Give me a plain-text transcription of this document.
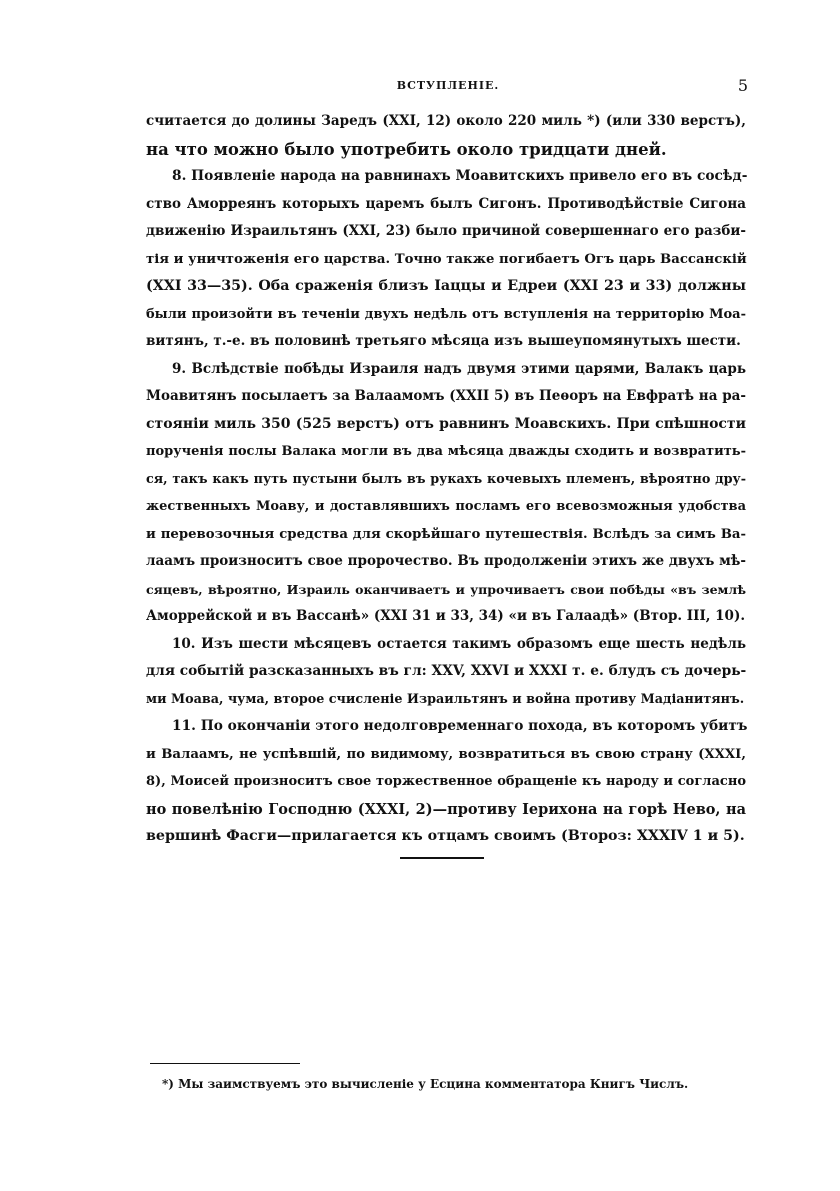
ВСТУПЛЕНІЕ.	5
считается до долины Заредъ (XXI, 12) около 220 миль *) (или 330 верстъ),
на что можно было употребить около тридцати дней.
8. Появленіе народа на равнинахъ Моавитскихъ привело его въ сосѣд-
ство Аморреянъ которыхъ царемъ былъ Сигонъ. Противодѣйствіе Сигона
движенію Израильтянъ (XXI, 23) было причиной совершеннаго его разби-
тія и уничтоженія его царства. Точно также погибаетъ Огъ царь Вассанскій
(XXI 33—35). Оба сраженія близъ Іаццы и Едреи (XXI 23 и 33) должны
были произойти въ теченіи двухъ недѣль отъ вступленія на территорію Моа-
витянъ, т.-е. въ половинѣ третьяго мѣсяца изъ вышеупомянутыхъ шести.
9. Вслѣдствіе побѣды Израиля надъ двумя этими царями, Валакъ царь
Моавитянъ посылаетъ за Валаамомъ (XXII 5) въ Пеѳоръ на Евфратѣ на ра-
стояніи миль 350 (525 верстъ) отъ равнинъ Моавскихъ. При спѣшности
порученія послы Валака могли въ два мѣсяца дважды сходить и возвратить-
ся, такъ какъ путь пустыни былъ въ рукахъ кочевыхъ племенъ, вѣроятно дру-
жественныхъ Моаву, и доставлявшихъ посламъ его всевозможныя удобства
и перевозочныя средства для скорѣйшаго путешествія. Вслѣдъ за симъ Ва-
лаамъ произноситъ свое пророчество. Въ продолженіи этихъ же двухъ мѣ-
сяцевъ, вѣроятно, Израиль оканчиваетъ и упрочиваетъ свои побѣды «въ землѣ
Аморрейской и въ Вассанѣ» (XXI 31 и 33, 34) «и въ Галаадѣ» (Втор. III, 10).
10. Изъ шести мѣсяцевъ остается такимъ образомъ еще шесть недѣль
для событій разсказанныхъ въ гл: XXV, XXVI и XXXI т. е. блудъ съ дочерь-
ми Моава, чума, второе счисленіе Израильтянъ и война противу Мадіанитянъ.
11. По окончаніи этого недолговременнаго похода, въ которомъ убитъ
и Валаамъ, не успѣвшій, по видимому, возвратиться въ свою страну (XXXI,
8), Моисей произноситъ свое торжественное обращеніе къ народу и согласно
но повелѣнію Господню (XXXI, 2)—противу Іерихона на горѣ Нево, на
вершинѣ Фасги—прилагается къ отцамъ своимъ (Второз: XXXIV 1 и 5).
*) Мы заимствуемъ это вычисленіе у Есцина комментатора Книгъ Числъ.
